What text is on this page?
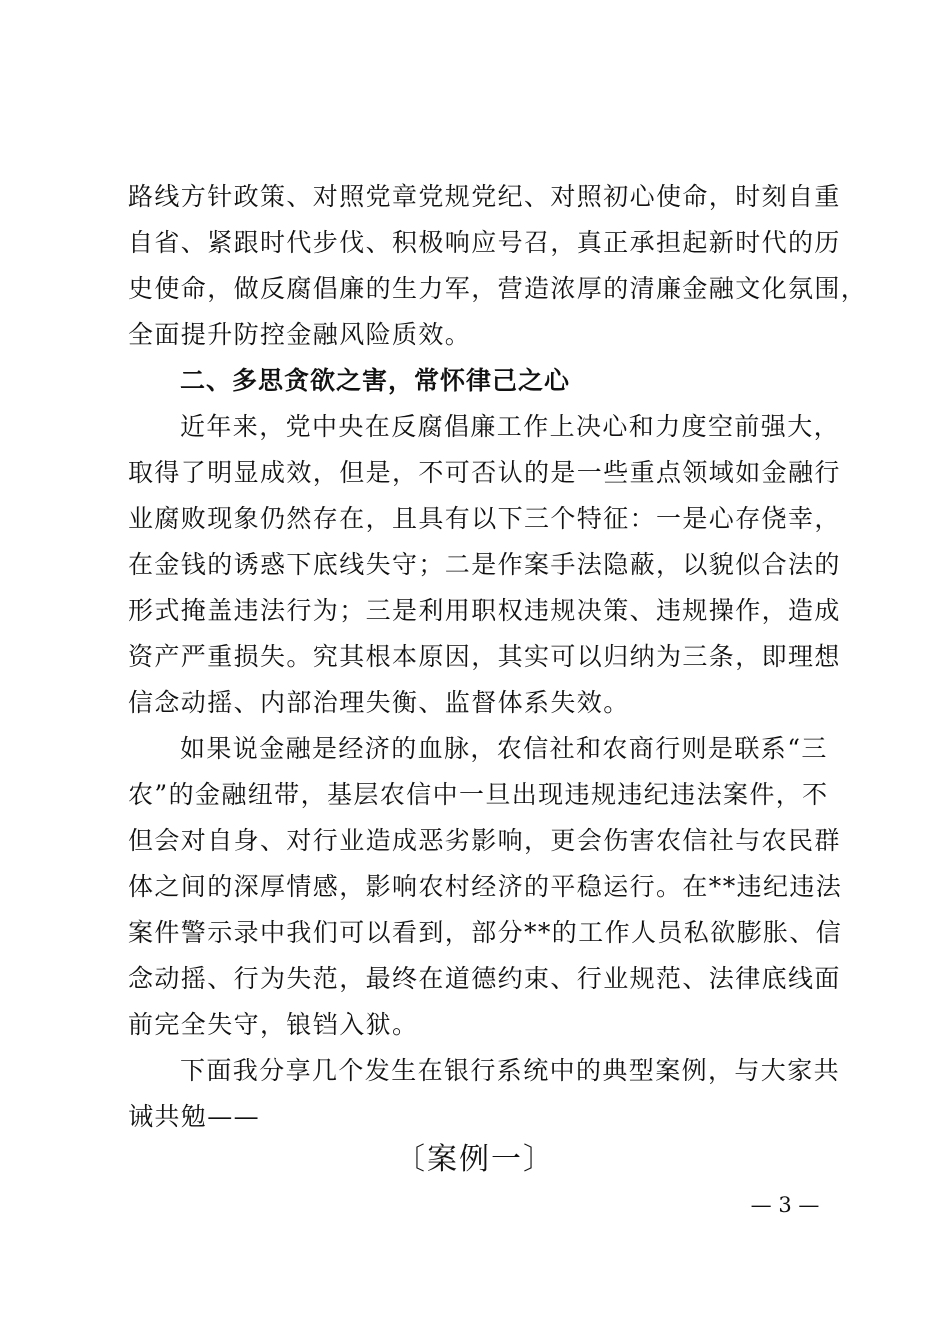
路线方针政策、对照党章党规党纪、对照初心使命，时刻自重
自省、紧跟时代步伐、积极响应号召，真正承担起新时代的历
史使命，做反腐倡廉的生力军，营造浓厚的清廉金融文化氛围，
全面提升防控金融风险质效。
二、多思贪欲之害，常怀律己之心
近年来，党中央在反腐倡廉工作上决心和力度空前强大，
取得了明显成效，但是，不可否认的是一些重点领域如金融行
业腐败现象仍然存在，且具有以下三个特征：一是心存侥幸，
在金钱的诱惑下底线失守；二是作案手法隐蔽，以貌似合法的
形式掩盖违法行为；三是利用职权违规决策、违规操作，造成
资产严重损失。究其根本原因，其实可以归纳为三条，即理想
信念动摇、内部治理失衡、监督体系失效。
如果说金融是经济的血脉，农信社和农商行则是联系“三
农”的金融纽带，基层农信中一旦出现违规违纪违法案件，不
但会对自身、对行业造成恶劣影响，更会伤害农信社与农民群
体之间的深厚情感，影响农村经济的平稳运行。在**违纪违法
案件警示录中我们可以看到，部分**的工作人员私欲膨胀、信
念动摇、行为失范，最终在道德约束、行业规范、法律底线面
前完全失守，锒铛入狱。
下面我分享几个发生在银行系统中的典型案例，与大家共
诫共勉——
〔案例一〕
— 3 —
